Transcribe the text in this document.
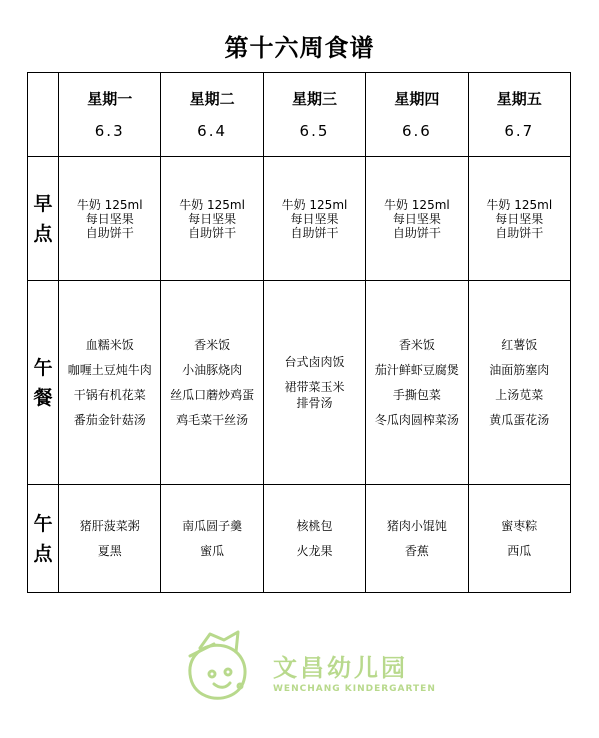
第十六周食谱

	星期一
6.3	星期二
6.4	星期三
6.5	星期四
6.6	星期五
6.7

早
点	牛奶 125ml
每日坚果
自助饼干	牛奶 125ml
每日坚果
自助饼干	牛奶 125ml
每日坚果
自助饼干	牛奶 125ml
每日坚果
自助饼干	牛奶 125ml
每日坚果
自助饼干

午
餐	血糯米饭
咖喱土豆炖牛肉
干锅有机花菜
番茄金针菇汤	香米饭
小油豚烧肉
丝瓜口蘑炒鸡蛋
鸡毛菜干丝汤	台式卤肉饭
裙带菜玉米
排骨汤	香米饭
茄汁鲜虾豆腐煲
手撕包菜
冬瓜肉圆榨菜汤	红薯饭
油面筋塞肉
上汤苋菜
黄瓜蛋花汤

午
点	猪肝菠菜粥
夏黑	南瓜圆子羹
蜜瓜	核桃包
火龙果	猪肉小馄饨
香蕉	蜜枣粽
西瓜
文昌幼儿园
WENCHANG KINDERGARTEN
